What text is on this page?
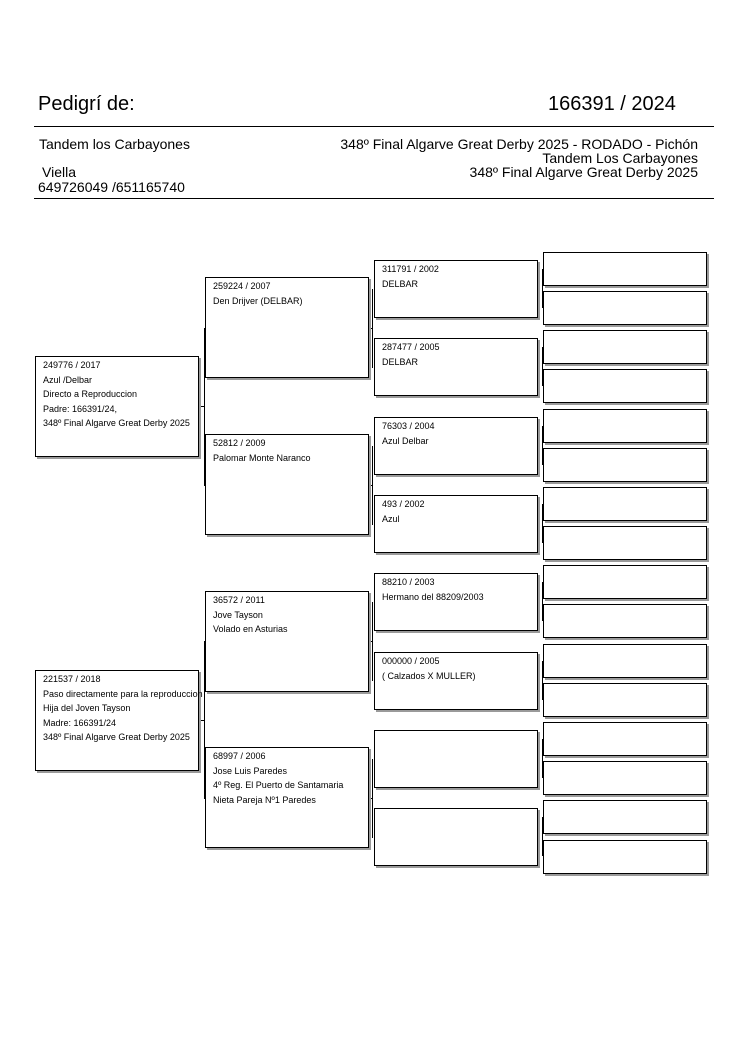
Pedigrí de:	166391 / 2024
Tandem los Carbayones
Viella
649726049 /651165740
348º Final Algarve Great Derby 2025 - RODADO - Pichón
Tandem Los Carbayones
348º Final Algarve Great Derby 2025
249776 / 2017
Azul /Delbar
Directo a Reproduccion
Padre: 166391/24,
348º Final Algarve Great Derby 2025
221537 / 2018
Paso directamente para la reproduccion
Hija del Joven Tayson
Madre: 166391/24
348º Final Algarve Great Derby 2025
259224 / 2007
Den Drijver (DELBAR)
52812 / 2009
Palomar Monte Naranco
36572 / 2011
Jove Tayson
Volado en Asturias
68997 / 2006
Jose Luis Paredes
4º Reg. El Puerto de Santamaria
Nieta Pareja Nº1 Paredes
311791 / 2002
DELBAR
287477 / 2005
DELBAR
76303 / 2004
Azul Delbar
493 / 2002
Azul
88210 / 2003
Hermano del 88209/2003
000000 / 2005
( Calzados X MULLER)
